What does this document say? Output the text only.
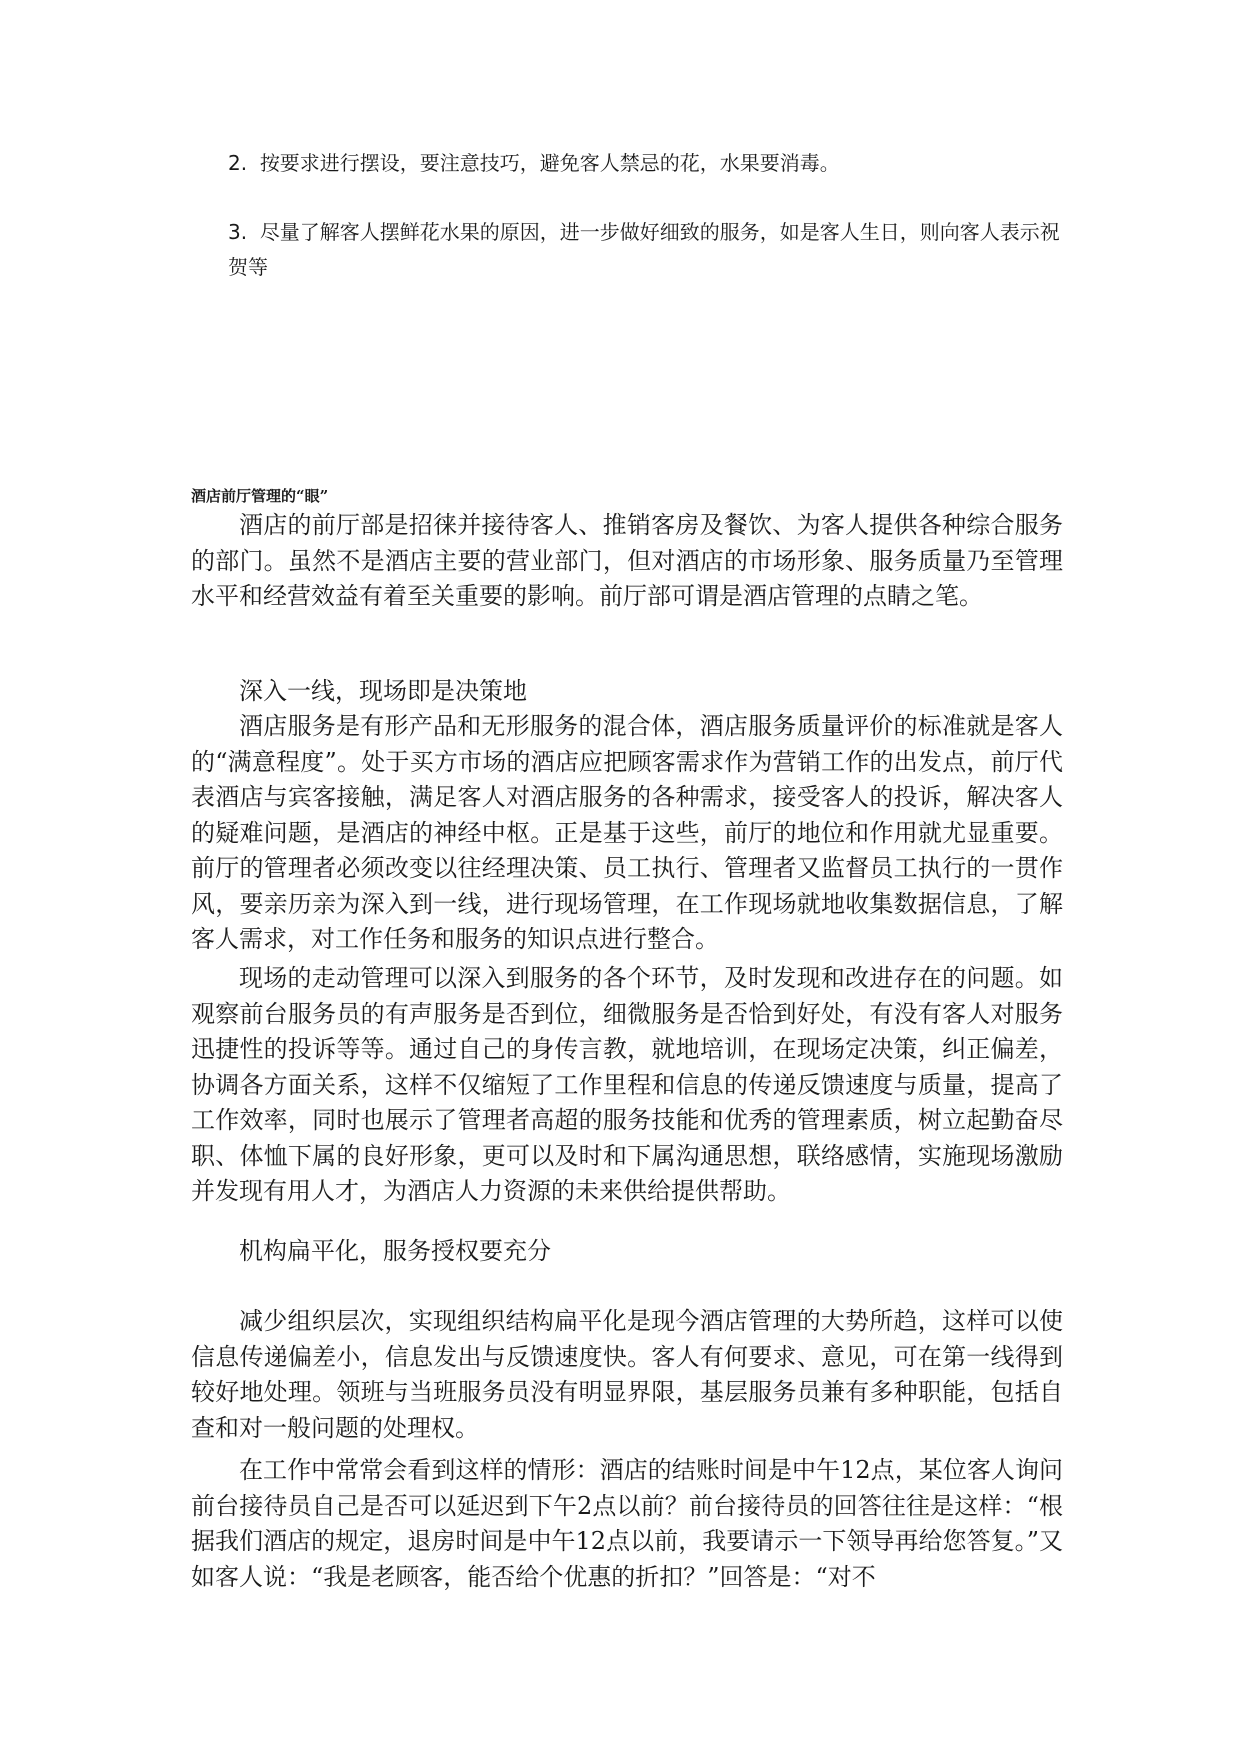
2. 按要求进行摆设，要注意技巧，避免客人禁忌的花，水果要消毒。
3. 尽量了解客人摆鲜花水果的原因，进一步做好细致的服务，如是客人生日，则向客人表示祝贺等
酒店前厅管理的“眼”

酒店的前厅部是招徕并接待客人、推销客房及餐饮、为客人提供各种综合服务的部门。虽然不是酒店主要的营业部门，但对酒店的市场形象、服务质量乃至管理水平和经营效益有着至关重要的影响。前厅部可谓是酒店管理的点睛之笔。

深入一线，现场即是决策地

酒店服务是有形产品和无形服务的混合体，酒店服务质量评价的标准就是客人的“满意程度”。处于买方市场的酒店应把顾客需求作为营销工作的出发点，前厅代表酒店与宾客接触，满足客人对酒店服务的各种需求，接受客人的投诉，解决客人的疑难问题，是酒店的神经中枢。正是基于这些，前厅的地位和作用就尤显重要。前厅的管理者必须改变以往经理决策、员工执行、管理者又监督员工执行的一贯作风，要亲历亲为深入到一线，进行现场管理，在工作现场就地收集数据信息，了解客人需求，对工作任务和服务的知识点进行整合。

现场的走动管理可以深入到服务的各个环节，及时发现和改进存在的问题。如观察前台服务员的有声服务是否到位，细微服务是否恰到好处，有没有客人对服务迅捷性的投诉等等。通过自己的身传言教，就地培训，在现场定决策，纠正偏差，协调各方面关系，这样不仅缩短了工作里程和信息的传递反馈速度与质量，提高了工作效率，同时也展示了管理者高超的服务技能和优秀的管理素质，树立起勤奋尽职、体恤下属的良好形象，更可以及时和下属沟通思想，联络感情，实施现场激励并发现有用人才，为酒店人力资源的未来供给提供帮助。

机构扁平化，服务授权要充分

减少组织层次，实现组织结构扁平化是现今酒店管理的大势所趋，这样可以使信息传递偏差小，信息发出与反馈速度快。客人有何要求、意见，可在第一线得到较好地处理。领班与当班服务员没有明显界限，基层服务员兼有多种职能，包括自查和对一般问题的处理权。

在工作中常常会看到这样的情形：酒店的结账时间是中午12点，某位客人询问前台接待员自己是否可以延迟到下午2点以前？前台接待员的回答往往是这样：“根据我们酒店的规定，退房时间是中午12点以前，我要请示一下领导再给您答复。”又如客人说：“我是老顾客，能否给个优惠的折扣？”回答是：“对不
